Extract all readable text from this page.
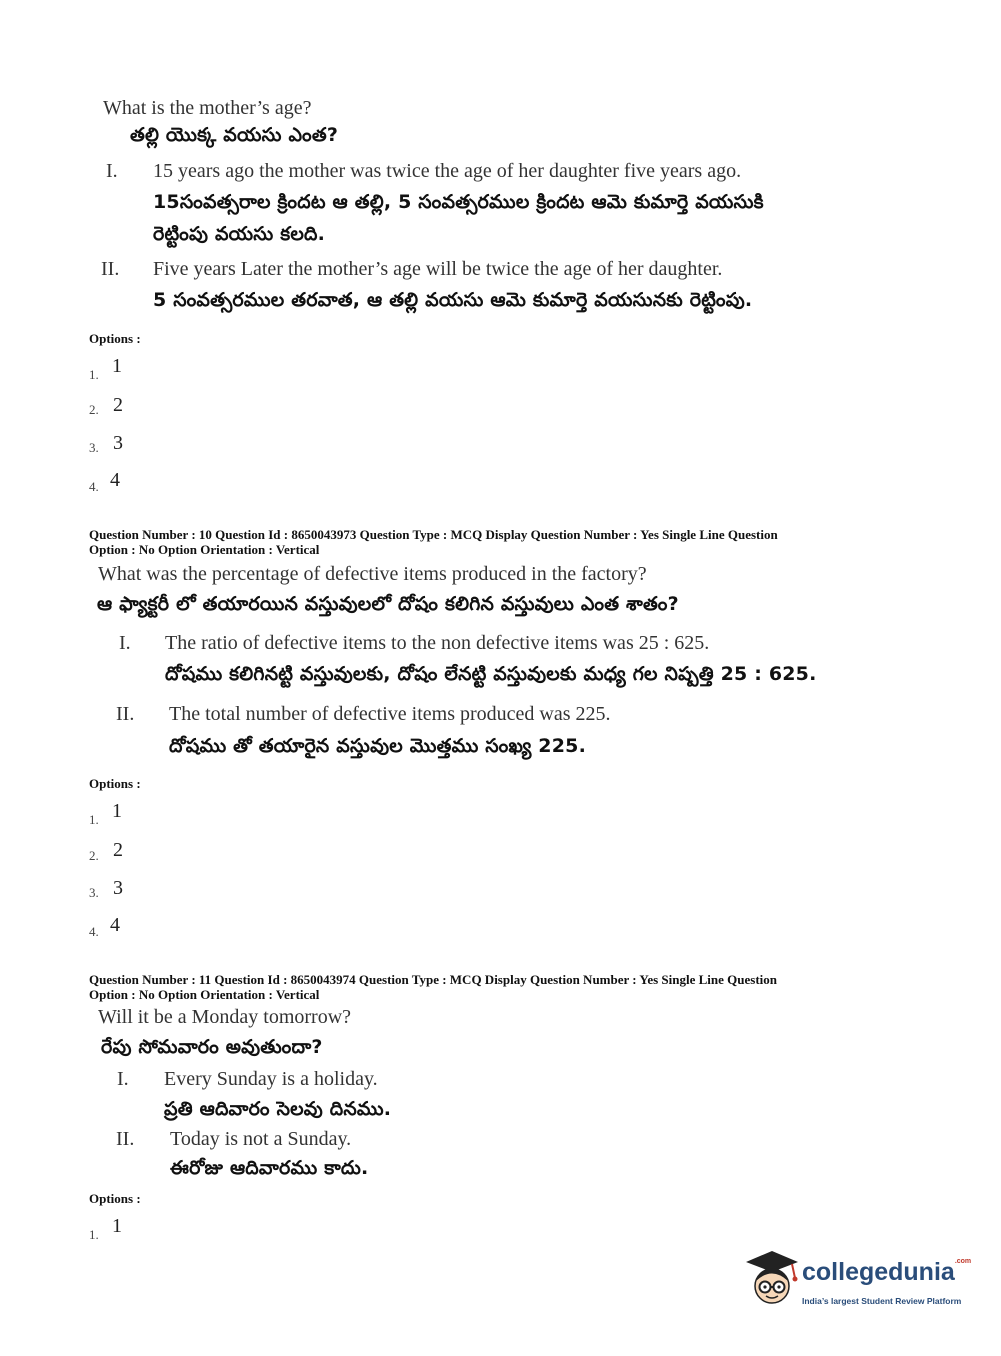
What is the mother’s age?
తల్లి యొక్క వయసు ఎంత?
I. 15 years ago the mother was twice the age of her daughter five years ago.
15సంవత్సరాల క్రిందట ఆ తల్లి, 5 సంవత్సరముల క్రిందట ఆమె కుమార్తె వయసుకి
రెట్టింపు వయసు కలది.
II. Five years Later the mother’s age will be twice the age of her daughter.
5 సంవత్సరముల తరవాత, ఆ తల్లి వయసు ఆమె కుమార్తె వయసునకు రెట్టింపు.
Options :
1. 1
2. 2
3. 3
4. 4
Question Number : 10 Question Id : 8650043973 Question Type : MCQ Display Question Number : Yes Single Line Question
Option : No Option Orientation : Vertical
What was the percentage of defective items produced in the factory?
ఆ ఫ్యాక్టరీ లో తయారయిన వస్తువులలో దోషం కలిగిన వస్తువులు ఎంత శాతం?
I. The ratio of defective items to the non defective items was 25 : 625.
దోషము కలిగినట్టి వస్తువులకు, దోషం లేనట్టి వస్తువులకు మధ్య గల నిష్పత్తి 25 : 625.
II. The total number of defective items produced was 225.
దోషము తో తయారైన వస్తువుల మొత్తము సంఖ్య 225.
Options :
1. 1
2. 2
3. 3
4. 4
Question Number : 11 Question Id : 8650043974 Question Type : MCQ Display Question Number : Yes Single Line Question
Option : No Option Orientation : Vertical
Will it be a Monday tomorrow?
రేపు సోమవారం అవుతుందా?
I. Every Sunday is a holiday.
ప్రతి ఆదివారం సెలవు దినము.
II. Today is not a Sunday.
ఈరోజు ఆదివారము కాదు.
Options :
1. 1
collegedunia$^{.com}$
India’s largest Student Review Platform
